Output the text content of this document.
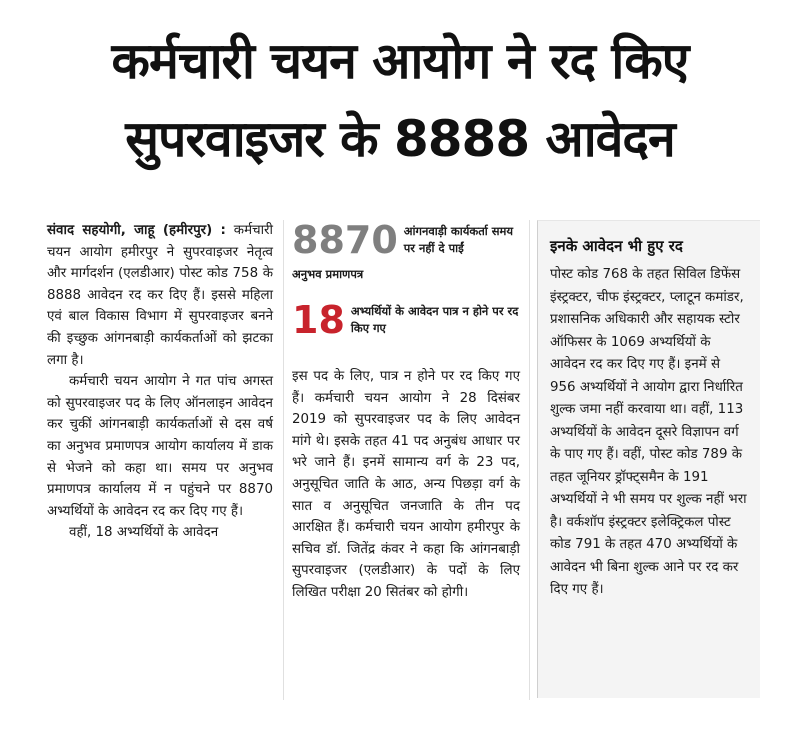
कर्मचारी चयन आयोग ने रद किए
सुपरवाइजर के 8888 आवेदन

संवाद सहयोगी, जाहू (हमीरपुर) : कर्मचारी चयन आयोग हमीरपुर ने सुपरवाइजर नेतृत्व और मार्गदर्शन (एलडीआर) पोस्ट कोड 758 के 8888 आवेदन रद कर दिए हैं। इससे महिला एवं बाल विकास विभाग में सुपरवाइजर बनने की इच्छुक आंगनबाड़ी कार्यकर्ताओं को झटका लगा है।

कर्मचारी चयन आयोग ने गत पांच अगस्त को सुपरवाइजर पद के लिए ऑनलाइन आवेदन कर चुकीं आंगनबाड़ी कार्यकर्ताओं से दस वर्ष का अनुभव प्रमाणपत्र आयोग कार्यालय में डाक से भेजने को कहा था। समय पर अनुभव प्रमाणपत्र कार्यालय में न पहुंचने पर 8870 अभ्यर्थियों के आवेदन रद कर दिए गए हैं।

वहीं, 18 अभ्यर्थियों के आवेदन

8870 आंगनवाड़ी कार्यकर्ता समय पर नहीं दे पाईं
अनुभव प्रमाणपत्र
18 अभ्यर्थियों के आवेदन पात्र न होने पर रद किए गए

इस पद के लिए, पात्र न होने पर रद किए गए हैं। कर्मचारी चयन आयोग ने 28 दिसंबर 2019 को सुपरवाइजर पद के लिए आवेदन मांगे थे। इसके तहत 41 पद अनुबंध आधार पर भरे जाने हैं। इनमें सामान्य वर्ग के 23 पद, अनुसूचित जाति के आठ, अन्य पिछड़ा वर्ग के सात व अनुसूचित जनजाति के तीन पद आरक्षित हैं। कर्मचारी चयन आयोग हमीरपुर के सचिव डॉ. जितेंद्र कंवर ने कहा कि आंगनबाड़ी सुपरवाइजर (एलडीआर) के पदों के लिए लिखित परीक्षा 20 सितंबर को होगी।

इनके आवेदन भी हुए रद
पोस्ट कोड 768 के तहत सिविल डिफेंस इंस्ट्रक्टर, चीफ इंस्ट्रक्टर, प्लाटून कमांडर, प्रशासनिक अधिकारी और सहायक स्टोर ऑफिसर के 1069 अभ्यर्थियों के आवेदन रद कर दिए गए हैं। इनमें से 956 अभ्यर्थियों ने आयोग द्वारा निर्धारित शुल्क जमा नहीं करवाया था। वहीं, 113 अभ्यर्थियों के आवेदन दूसरे विज्ञापन वर्ग के पाए गए हैं। वहीं, पोस्ट कोड 789 के तहत जूनियर ड्रॉफ्ट्समैन के 191 अभ्यर्थियों ने भी समय पर शुल्क नहीं भरा है। वर्कशॉप इंस्ट्रक्टर इलेक्ट्रिकल पोस्ट कोड 791 के तहत 470 अभ्यर्थियों के आवेदन भी बिना शुल्क आने पर रद कर दिए गए हैं।
